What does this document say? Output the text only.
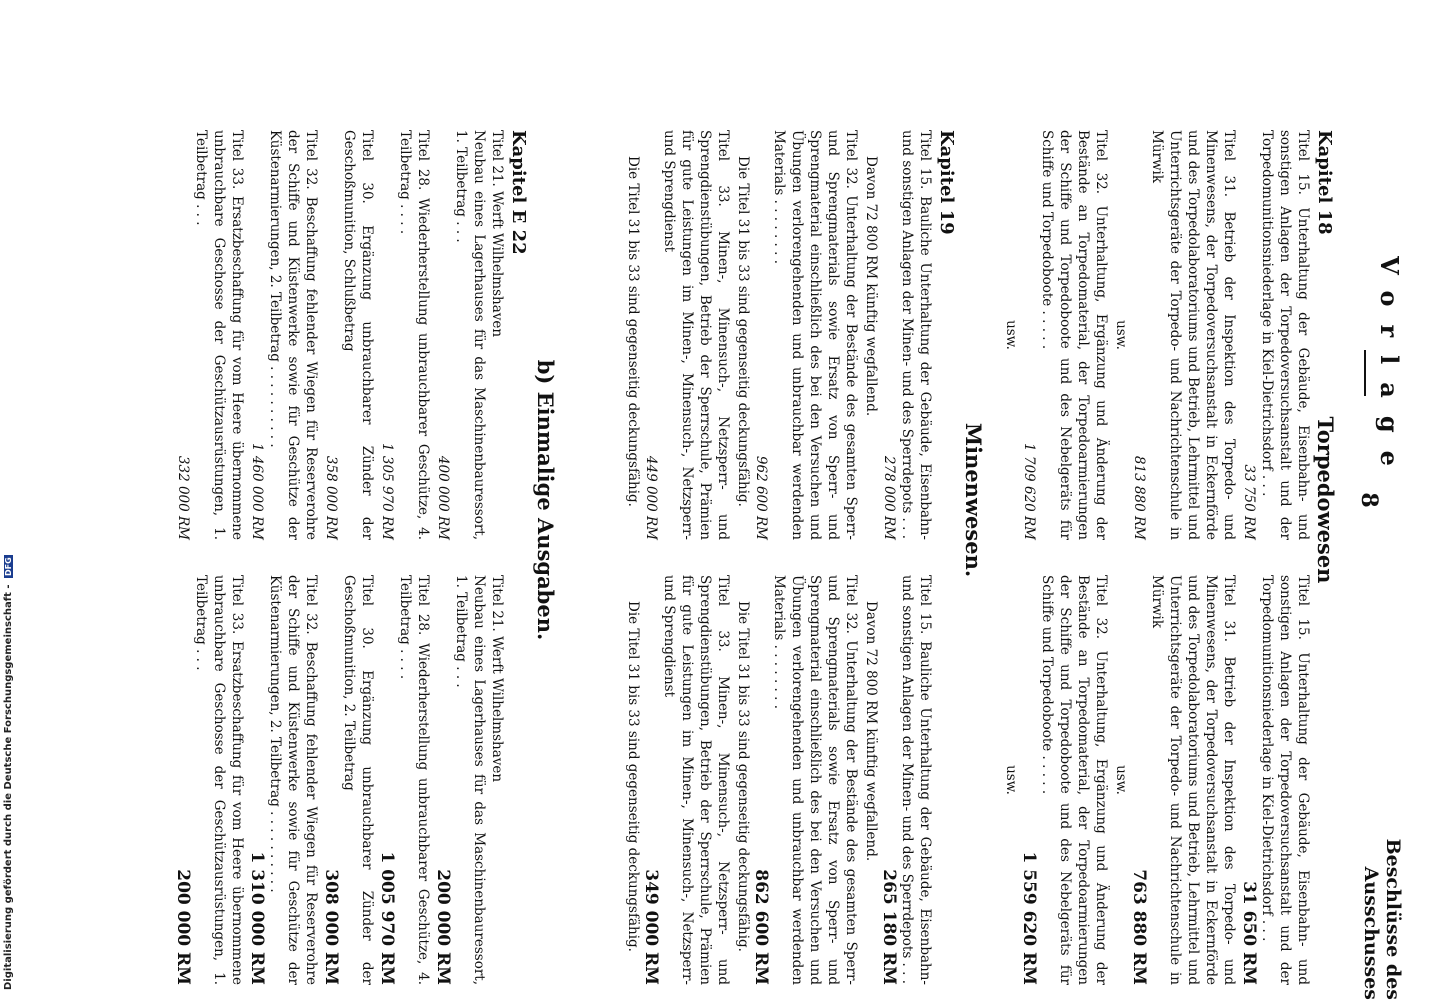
Digitalisierung gefördert durch die Deutsche Forschungsgemeinschaft - DFG
Vorlage
8
Beschlüsse des Ausschusses
Torpedowesen
Minenwesen.
b) Einmalige Ausgaben.
Kapitel 18
Titel 15. Unterhaltung der Gebäude, Eisenbahn- und sonstigen Anlagen der Torpedoversuchsanstalt und der Torpedomunitionsniederlage in Kiel-Dietrichsdorf . . .
33 750 RM
Titel 31. Betrieb der Inspektion des Torpedo- und Minenwesens, der Torpedoversuchsanstalt in Eckernförde und des Torpedolaboratoriums und Betrieb, Lehrmittel und Unterrichtsgeräte der Torpedo- und Nachrichtenschule in Mürwik
813 880 RM
usw.
Titel 32. Unterhaltung, Ergänzung und Änderung der Bestände an Torpedomaterial, der Torpedoarmierungen der Schiffe und Torpedoboote und des Nebelgeräts für Schiffe und Torpedoboote . . . . .
1 709 620 RM
usw.
Kapitel 19
Titel 15. Bauliche Unterhaltung der Gebäude, Eisenbahn- und sonstigen Anlagen der Minen- und des Sperrdepots . . .
278 000 RM
Davon 72 800 RM künftig wegfallend.
Titel 32. Unterhaltung der Bestände des gesamten Sperr- und Sprengmaterials sowie Ersatz von Sperr- und Sprengmaterial einschließlich des bei den Versuchen und Übungen verlorengehenden und unbrauchbar werdenden Materials . . . . . . . .
962 600 RM
Die Titel 31 bis 33 sind gegenseitig deckungsfähig.
Titel 33. Minen-, Minensuch-, Netzsperr- und Sprengdienstübungen, Betrieb der Sperrschule, Prämien für gute Leistungen im Minen-, Minensuch-, Netzsperr- und Sprengdienst
449 000 RM
Die Titel 31 bis 33 sind gegenseitig deckungsfähig.
Kapitel E 22
Titel 21. Werft Wilhelmshaven
Neubau eines Lagerhauses für das Maschinenbauressort, 1. Teilbetrag . . .
400 000 RM
Titel 28. Wiederherstellung unbrauchbarer Geschütze, 4. Teilbetrag . . . .
1 305 970 RM
Titel 30. Ergänzung unbrauchbarer Zünder der Geschoßmunition, Schlußbetrag
358 000 RM
Titel 32. Beschaffung fehlender Wiegen für Reserverohre der Schiffe und Küstenwerke sowie für Geschütze der Küstenarmierungen, 2. Teilbetrag . . . . . . . . . .
1 460 000 RM
Titel 33. Ersatzbeschaffung für vom Heere übernommene unbrauchbare Geschosse der Geschützausrüstungen, 1. Teilbetrag . . .
332 000 RM
Titel 15. Unterhaltung der Gebäude, Eisenbahn- und sonstigen Anlagen der Torpedoversuchsanstalt und der Torpedomunitionsniederlage in Kiel-Dietrichsdorf . . .
31 650 RM
Titel 31. Betrieb der Inspektion des Torpedo- und Minenwesens, der Torpedoversuchsanstalt in Eckernförde und des Torpedolaboratoriums und Betrieb, Lehrmittel und Unterrichtsgeräte der Torpedo- und Nachrichtenschule in Mürwik
763 880 RM
usw.
Titel 32. Unterhaltung, Ergänzung und Änderung der Bestände an Torpedomaterial, der Torpedoarmierungen der Schiffe und Torpedoboote und des Nebelgeräts für Schiffe und Torpedoboote . . . . .
1 559 620 RM
usw.
Titel 15. Bauliche Unterhaltung der Gebäude, Eisenbahn- und sonstigen Anlagen der Minen- und des Sperrdepots . . .
265 180 RM
Davon 72 800 RM künftig wegfallend.
Titel 32. Unterhaltung der Bestände des gesamten Sperr- und Sprengmaterials sowie Ersatz von Sperr- und Sprengmaterial einschließlich des bei den Versuchen und Übungen verlorengehenden und unbrauchbar werdenden Materials . . . . . . . .
862 600 RM
Die Titel 31 bis 33 sind gegenseitig deckungsfähig.
Titel 33. Minen-, Minensuch-, Netzsperr- und Sprengdienstübungen, Betrieb der Sperrschule, Prämien für gute Leistungen im Minen-, Minensuch-, Netzsperr- und Sprengdienst
349 000 RM
Die Titel 31 bis 33 sind gegenseitig deckungsfähig.
Titel 21. Werft Wilhelmshaven
Neubau eines Lagerhauses für das Maschinenbauressort, 1. Teilbetrag . . .
200 000 RM
Titel 28. Wiederherstellung unbrauchbarer Geschütze, 4. Teilbetrag . . . .
1 005 970 RM
Titel 30. Ergänzung unbrauchbarer Zünder der Geschoßmunition, 2. Teilbetrag
308 000 RM
Titel 32. Beschaffung fehlender Wiegen für Reserverohre der Schiffe und Küstenwerke sowie für Geschütze der Küstenarmierungen, 2. Teilbetrag . . . . . . . . . .
1 310 000 RM
Titel 33. Ersatzbeschaffung für vom Heere übernommene unbrauchbare Geschosse der Geschützausrüstungen, 1. Teilbetrag . . .
200 000 RM
